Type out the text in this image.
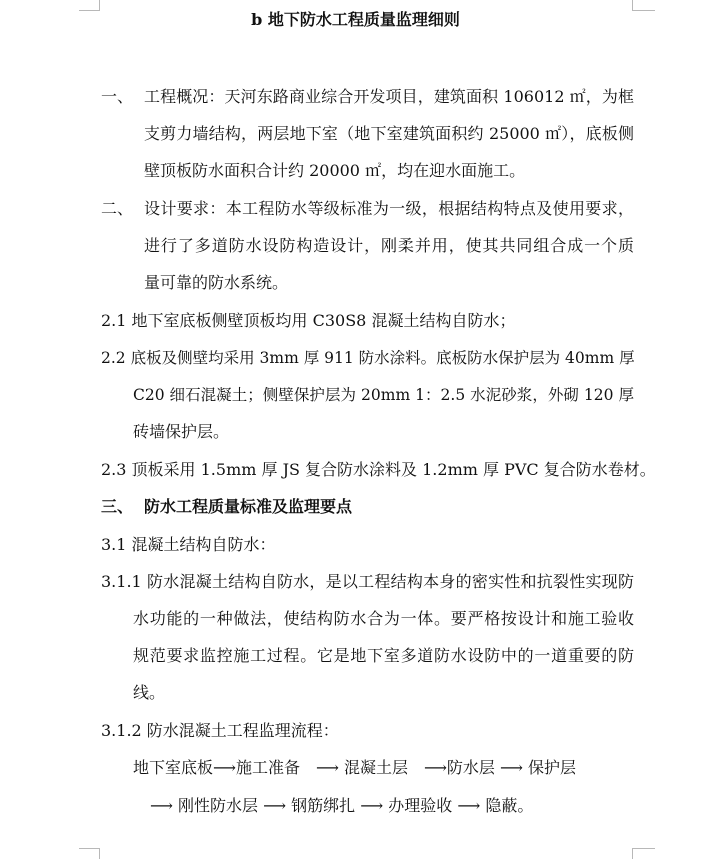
b 地下防水工程质量监理细则
一、 工程概况：天河东路商业综合开发项目，建筑面积 106012 ㎡，为框
支剪力墙结构，两层地下室（地下室建筑面积约 25000 ㎡），底板侧
壁顶板防水面积合计约 20000 ㎡，均在迎水面施工。
二、 设计要求：本工程防水等级标准为一级，根据结构特点及使用要求，
进行了多道防水设防构造设计，刚柔并用，使其共同组合成一个质
量可靠的防水系统。
2.1 地下室底板侧壁顶板均用 C30S8 混凝土结构自防水；
2.2 底板及侧壁均采用 3mm 厚 911 防水涂料。底板防水保护层为 40mm 厚
C20 细石混凝土；侧壁保护层为 20mm 1：2.5 水泥砂浆，外砌 120 厚
砖墙保护层。
2.3 顶板采用 1.5mm 厚 JS 复合防水涂料及 1.2mm 厚 PVC 复合防水卷材。
三、 防水工程质量标准及监理要点
3.1 混凝土结构自防水：
3.1.1 防水混凝土结构自防水，是以工程结构本身的密实性和抗裂性实现防
水功能的一种做法，使结构防水合为一体。要严格按设计和施工验收
规范要求监控施工过程。它是地下室多道防水设防中的一道重要的防
线。
3.1.2 防水混凝土工程监理流程：
地下室底板⟶施工准备　⟶ 混凝土层　⟶防水层 ⟶ 保护层
⟶ 刚性防水层 ⟶ 钢筋绑扎 ⟶ 办理验收 ⟶ 隐蔽。
